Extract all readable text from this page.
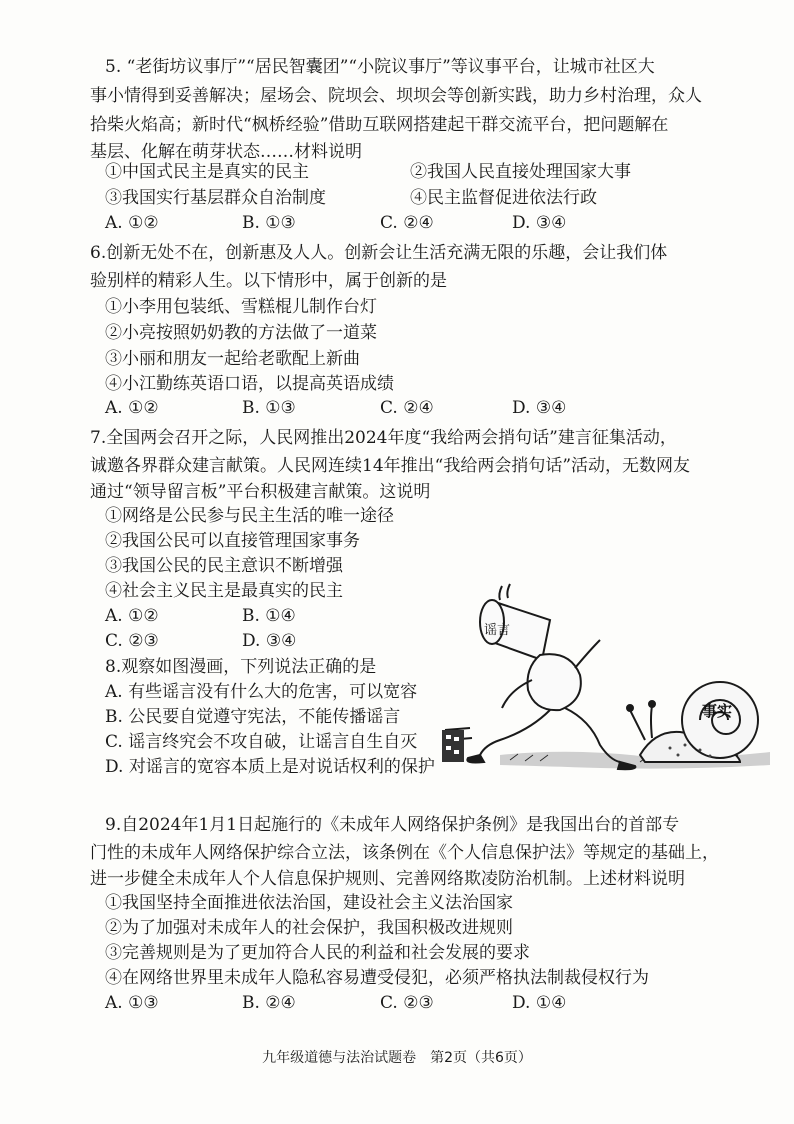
5. “老街坊议事厅”“居民智囊团”“小院议事厅”等议事平台，让城市社区大
事小情得到妥善解决；屋场会、院坝会、坝坝会等创新实践，助力乡村治理，众人
拾柴火焰高；新时代“枫桥经验”借助互联网搭建起干群交流平台，把问题解在
基层、化解在萌芽状态……材料说明
①中国式民主是真实的民主	②我国人民直接处理国家大事
③我国实行基层群众自治制度	④民主监督促进依法行政
A. ①②	B. ①③	C. ②④	D. ③④
6.创新无处不在，创新惠及人人。创新会让生活充满无限的乐趣，会让我们体
验别样的精彩人生。以下情形中，属于创新的是
①小李用包装纸、雪糕棍儿制作台灯
②小亮按照奶奶教的方法做了一道菜
③小丽和朋友一起给老歌配上新曲
④小江勤练英语口语，以提高英语成绩
A. ①②	B. ①③	C. ②④	D. ③④
7.全国两会召开之际，人民网推出2024年度“我给两会捎句话”建言征集活动，
诚邀各界群众建言献策。人民网连续14年推出“我给两会捎句话”活动，无数网友
通过“领导留言板”平台积极建言献策。这说明
①网络是公民参与民主生活的唯一途径
②我国公民可以直接管理国家事务
③我国公民的民主意识不断增强
④社会主义民主是最真实的民主
A. ①②	B. ①④
C. ②③	D. ③④
8.观察如图漫画，下列说法正确的是
A. 有些谣言没有什么大的危害，可以宽容
B. 公民要自觉遵守宪法，不能传播谣言
C. 谣言终究会不攻自破，让谣言自生自灭
D. 对谣言的宽容本质上是对说话权利的保护
谣言
事实
9.自2024年1月1日起施行的《未成年人网络保护条例》是我国出台的首部专
门性的未成年人网络保护综合立法，该条例在《个人信息保护法》等规定的基础上，
进一步健全未成年人个人信息保护规则、完善网络欺凌防治机制。上述材料说明
①我国坚持全面推进依法治国，建设社会主义法治国家
②为了加强对未成年人的社会保护，我国积极改进规则
③完善规则是为了更加符合人民的利益和社会发展的要求
④在网络世界里未成年人隐私容易遭受侵犯，必须严格执法制裁侵权行为
A. ①③	B. ②④	C. ②③	D. ①④
九年级道德与法治试题卷　第2页（共6页）
